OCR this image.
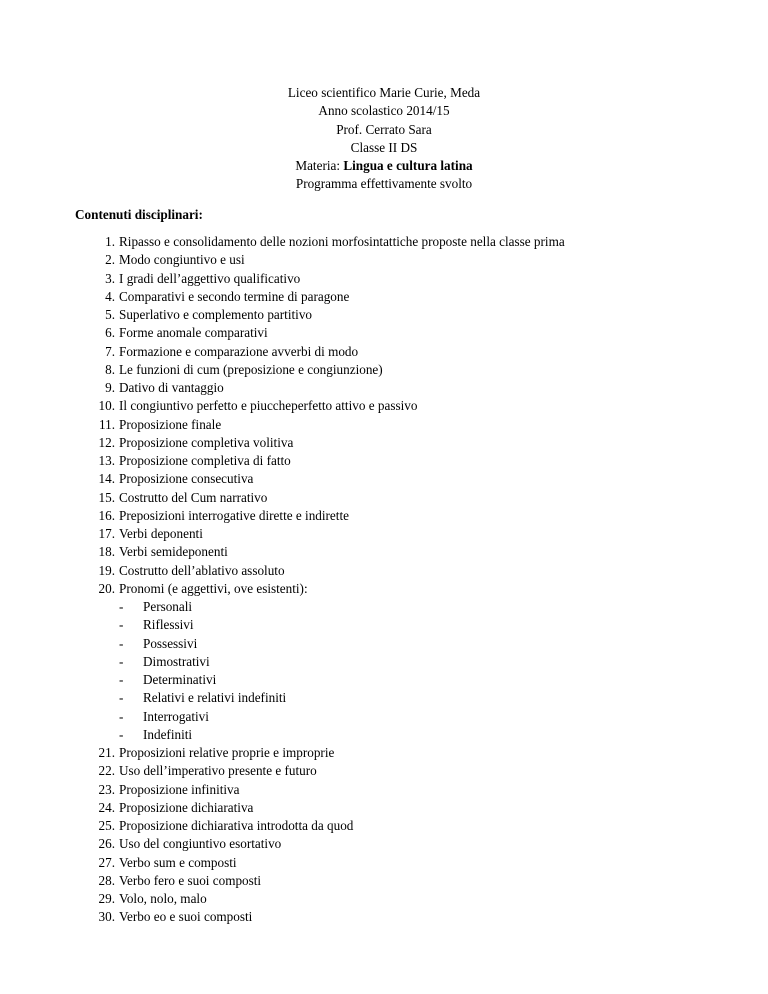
Liceo scientifico Marie Curie, Meda
Anno scolastico 2014/15
Prof. Cerrato Sara
Classe II DS
Materia: Lingua e cultura latina
Programma effettivamente svolto
Contenuti disciplinari:
1. Ripasso e consolidamento delle nozioni morfosintattiche proposte nella classe prima
2. Modo congiuntivo e usi
3. I gradi dell’aggettivo qualificativo
4. Comparativi e secondo termine di paragone
5. Superlativo e complemento partitivo
6. Forme anomale comparativi
7. Formazione e comparazione avverbi di modo
8. Le funzioni di cum (preposizione e congiunzione)
9. Dativo di vantaggio
10. Il congiuntivo perfetto e piuccheperfetto attivo e passivo
11. Proposizione finale
12. Proposizione completiva volitiva
13. Proposizione completiva di fatto
14. Proposizione consecutiva
15. Costrutto del Cum narrativo
16. Preposizioni interrogative dirette e indirette
17. Verbi deponenti
18. Verbi semideponenti
19. Costrutto dell’ablativo assoluto
20. Pronomi (e aggettivi, ove esistenti):
- Personali
- Riflessivi
- Possessivi
- Dimostrativi
- Determinativi
- Relativi e relativi indefiniti
- Interrogativi
- Indefiniti
21. Proposizioni relative proprie e improprie
22. Uso dell’imperativo presente e futuro
23. Proposizione infinitiva
24. Proposizione dichiarativa
25. Proposizione dichiarativa introdotta da quod
26. Uso del congiuntivo esortativo
27. Verbo sum e composti
28. Verbo fero e suoi composti
29. Volo, nolo, malo
30. Verbo eo e suoi composti
